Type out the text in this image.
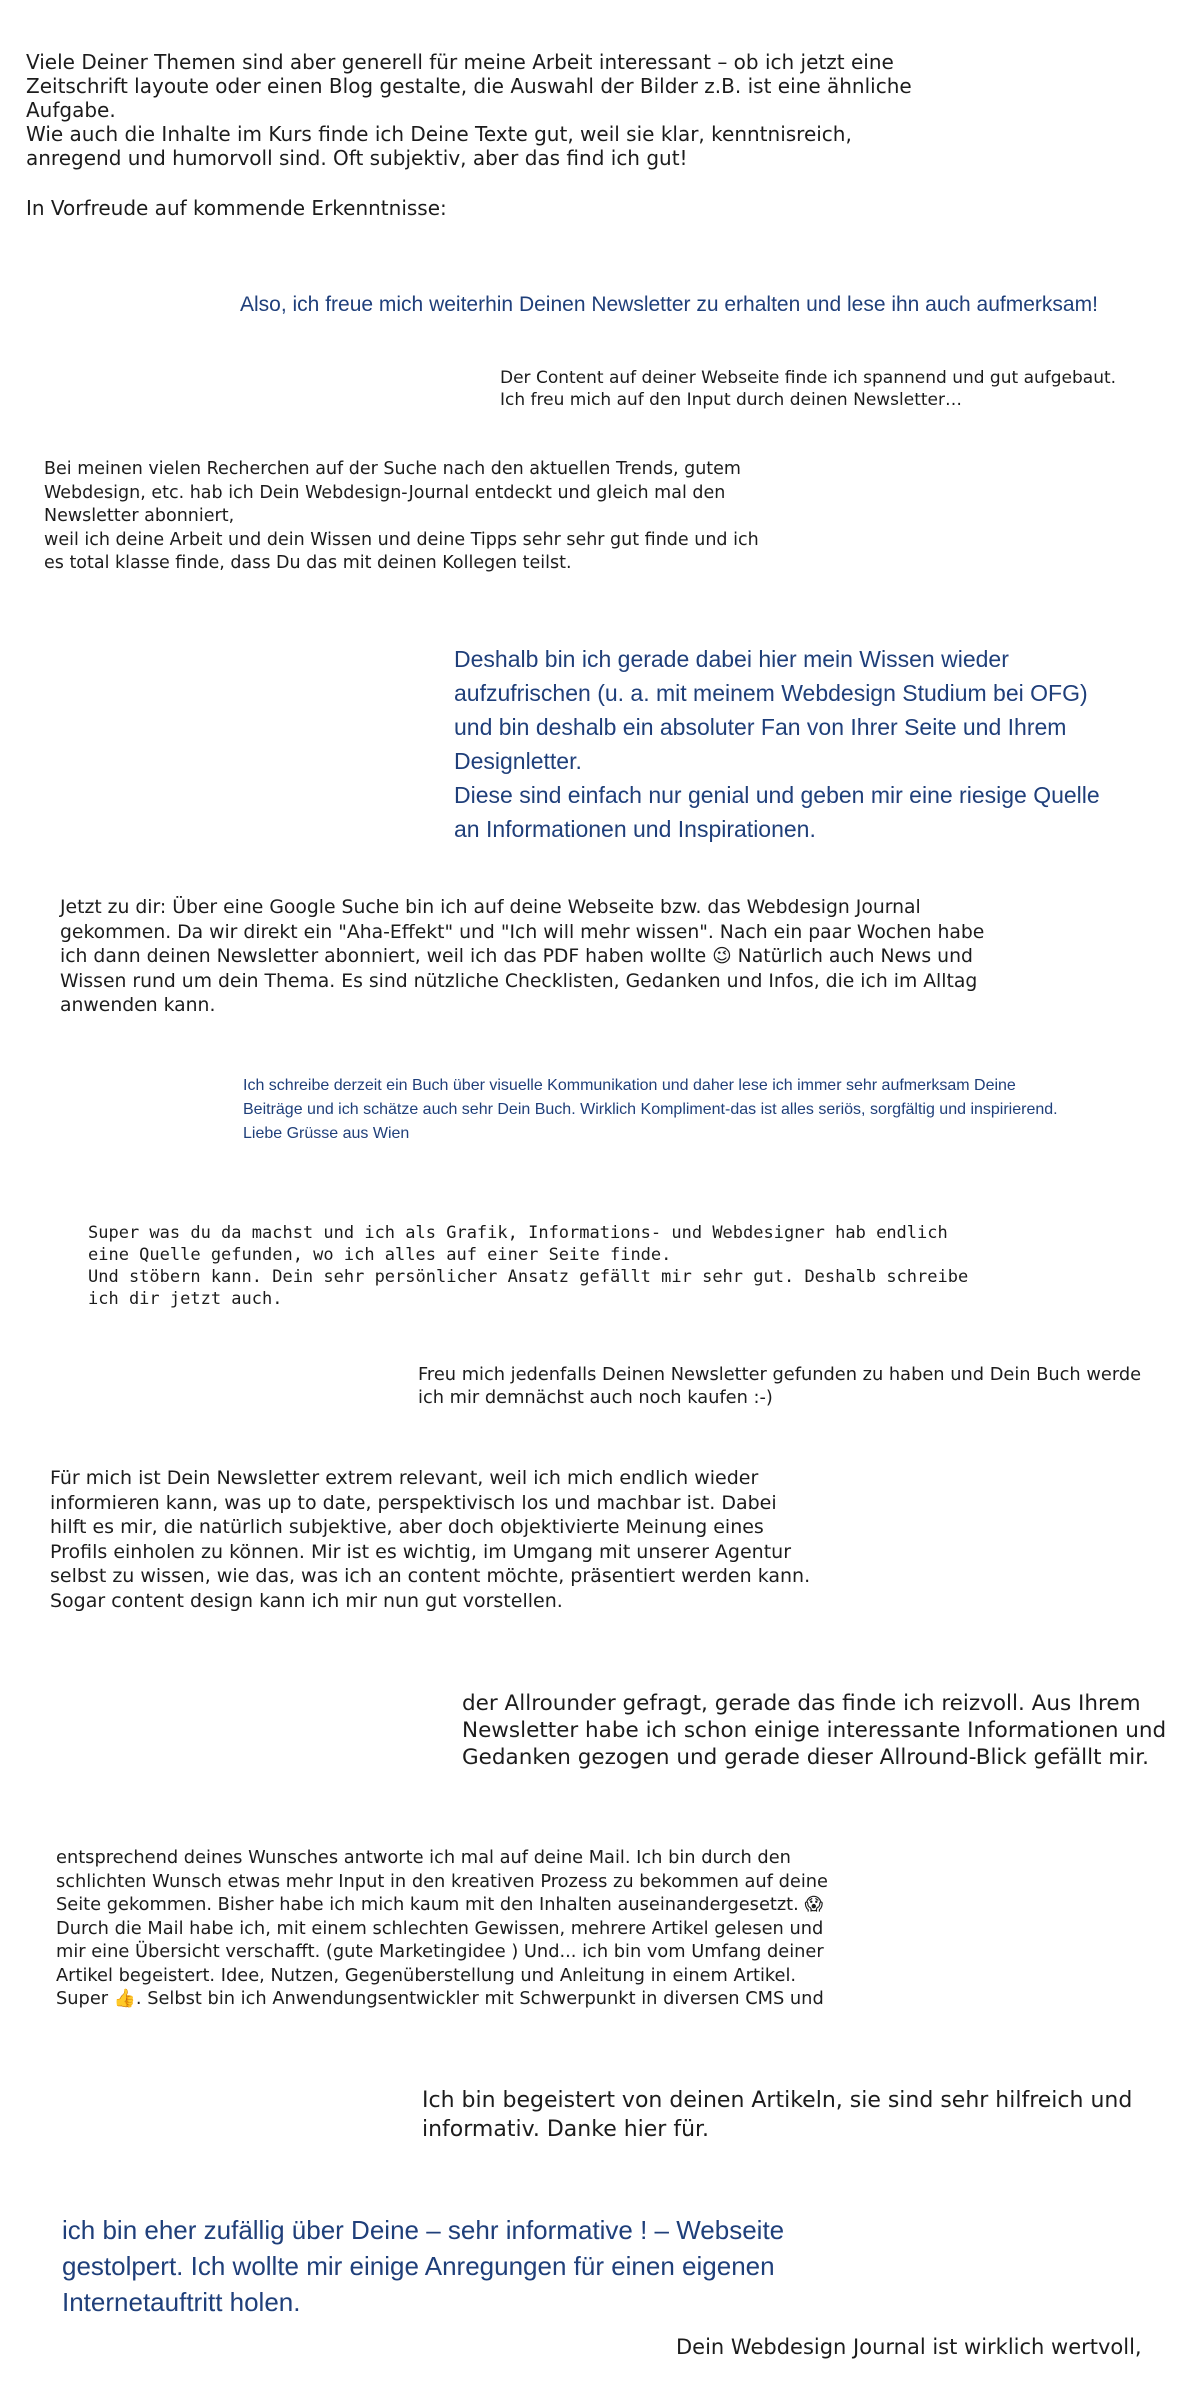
Viele Deiner Themen sind aber generell für meine Arbeit interessant – ob ich jetzt eine
Zeitschrift layoute oder einen Blog gestalte, die Auswahl der Bilder z.B. ist eine ähnliche
Aufgabe.
Wie auch die Inhalte im Kurs finde ich Deine Texte gut, weil sie klar, kenntnisreich,
anregend und humorvoll sind. Oft subjektiv, aber das find ich gut!

In Vorfreude auf kommende Erkenntnisse:

Also, ich freue mich weiterhin Deinen Newsletter zu erhalten und lese ihn auch aufmerksam!

Der Content auf deiner Webseite finde ich spannend und gut aufgebaut.
Ich freu mich auf den Input durch deinen Newsletter…

Bei meinen vielen Recherchen auf der Suche nach den aktuellen Trends, gutem
Webdesign, etc. hab ich Dein Webdesign-Journal entdeckt und gleich mal den
Newsletter abonniert,
weil ich deine Arbeit und dein Wissen und deine Tipps sehr sehr gut finde und ich
es total klasse finde, dass Du das mit deinen Kollegen teilst.

Deshalb bin ich gerade dabei hier mein Wissen wieder
aufzufrischen (u. a. mit meinem Webdesign Studium bei OFG)
und bin deshalb ein absoluter Fan von Ihrer Seite und Ihrem
Designletter.
Diese sind einfach nur genial und geben mir eine riesige Quelle
an Informationen und Inspirationen.

Jetzt zu dir: Über eine Google Suche bin ich auf deine Webseite bzw. das Webdesign Journal
gekommen. Da wir direkt ein "Aha-Effekt" und "Ich will mehr wissen". Nach ein paar Wochen habe
ich dann deinen Newsletter abonniert, weil ich das PDF haben wollte 😉 Natürlich auch News und
Wissen rund um dein Thema. Es sind nützliche Checklisten, Gedanken und Infos, die ich im Alltag
anwenden kann.

Ich schreibe derzeit ein Buch über visuelle Kommunikation und daher lese ich immer sehr aufmerksam Deine
Beiträge und ich schätze auch sehr Dein Buch. Wirklich Kompliment-das ist alles seriös, sorgfältig und inspirierend.
Liebe Grüsse aus Wien

Super was du da machst und ich als Grafik, Informations- und Webdesigner hab endlich
eine Quelle gefunden, wo ich alles auf einer Seite finde.
Und stöbern kann. Dein sehr persönlicher Ansatz gefällt mir sehr gut. Deshalb schreibe
ich dir jetzt auch.

Freu mich jedenfalls Deinen Newsletter gefunden zu haben und Dein Buch werde
ich mir demnächst auch noch kaufen :-)

Für mich ist Dein Newsletter extrem relevant, weil ich mich endlich wieder
informieren kann, was up to date, perspektivisch los und machbar ist. Dabei
hilft es mir, die natürlich subjektive, aber doch objektivierte Meinung eines
Profils einholen zu können. Mir ist es wichtig, im Umgang mit unserer Agentur
selbst zu wissen, wie das, was ich an content möchte, präsentiert werden kann.
Sogar content design kann ich mir nun gut vorstellen.

der Allrounder gefragt, gerade das finde ich reizvoll. Aus Ihrem
Newsletter habe ich schon einige interessante Informationen und
Gedanken gezogen und gerade dieser Allround-Blick gefällt mir.

entsprechend deines Wunsches antworte ich mal auf deine Mail. Ich bin durch den
schlichten Wunsch etwas mehr Input in den kreativen Prozess zu bekommen auf deine
Seite gekommen. Bisher habe ich mich kaum mit den Inhalten auseinandergesetzt. 😱
Durch die Mail habe ich, mit einem schlechten Gewissen, mehrere Artikel gelesen und
mir eine Übersicht verschafft. (gute Marketingidee ) Und... ich bin vom Umfang deiner
Artikel begeistert. Idee, Nutzen, Gegenüberstellung und Anleitung in einem Artikel.
Super 👍. Selbst bin ich Anwendungsentwickler mit Schwerpunkt in diversen CMS und

Ich bin begeistert von deinen Artikeln, sie sind sehr hilfreich und
informativ. Danke hier für.

ich bin eher zufällig über Deine – sehr informative ! – Webseite
gestolpert. Ich wollte mir einige Anregungen für einen eigenen
Internetauftritt holen.

Dein Webdesign Journal ist wirklich wertvoll,
